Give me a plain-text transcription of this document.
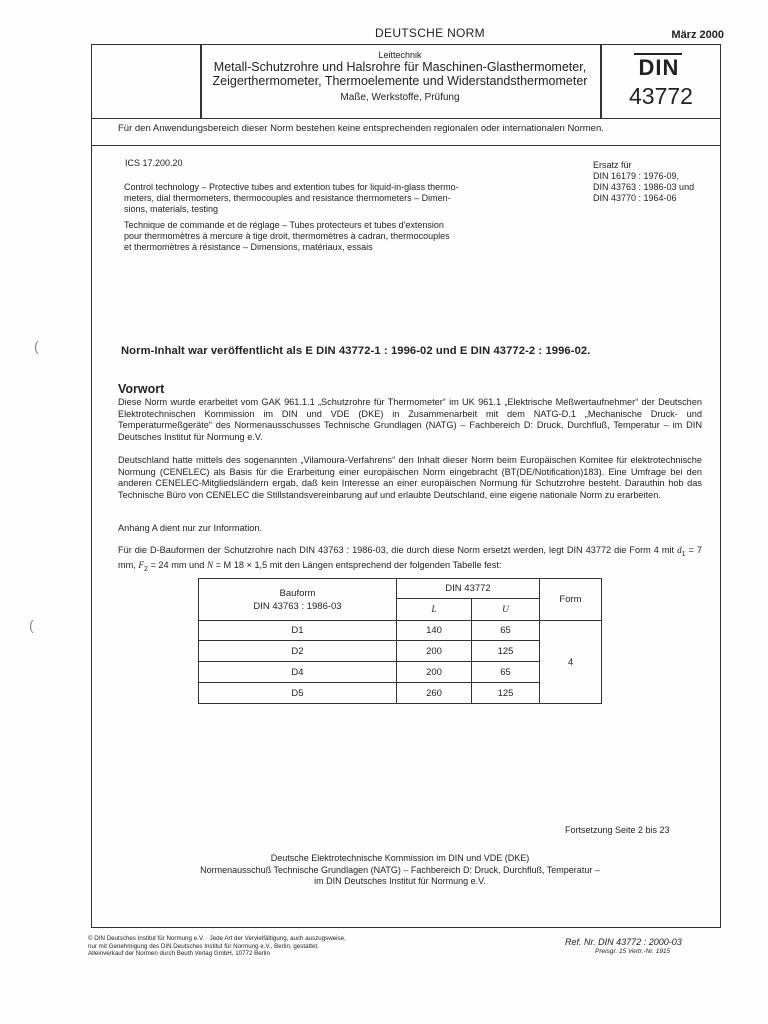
DEUTSCHE NORM	März 2000
Leittechnik
Metall-Schutzrohre und Halsrohre für Maschinen-Glasthermometer,
Zeigerthermometer, Thermoelemente und Widerstandsthermometer
Maße, Werkstoffe, Prüfung
DIN
43772
Für den Anwendungsbereich dieser Norm bestehen keine entsprechenden regionalen oder internationalen Normen.
ICS 17.200.20	Ersatz für
DIN 16179 : 1976-09,
DIN 43763 : 1986-03 und
DIN 43770 : 1964-06
Control technology – Protective tubes and extention tubes for liquid-in-glass thermo-
meters, dial thermometers, thermocouples and resistance thermometers – Dimen-
sions, materials, testing
Technique de commande et de réglage – Tubes protecteurs et tubes d'extension
pour thermomètres à mercure à tige droit, thermomètres à cadran, thermocouples
et thermomètres à résistance – Dimensions, matériaux, essais
(
(
Norm-Inhalt war veröffentlicht als E DIN 43772-1 : 1996-02 und E DIN 43772-2 : 1996-02.
Vorwort
Diese Norm wurde erarbeitet vom GAK 961.1.1 „Schutzrohre für Thermometer“ im UK 961.1 „Elektrische Meßwertaufnehmer“ der Deutschen Elektrotechnischen Kommission im DIN und VDE (DKE) in Zusammenarbeit mit dem NATG-D.1 „Mechanische Druck- und Temperaturmeßgeräte“ des Normenausschusses Technische Grundlagen (NATG) – Fachbereich D: Druck, Durchfluß, Temperatur – im DIN Deutsches Institut für Normung e.V.
Deutschland hatte mittels des sogenannten „Vilamoura-Verfahrens“ den Inhalt dieser Norm beim Europäischen Komitee für elektrotechnische Normung (CENELEC) als Basis für die Erarbeitung einer europäischen Norm eingebracht (BT(DE/Notification)183). Eine Umfrage bei den anderen CENELEC-Mitgliedsländern ergab, daß kein Interesse an einer europäischen Normung für Schutzrohre besteht. Darauthin hob das Technische Büro von CENELEC die Stillstandsvereinbarung auf und erlaubte Deutschland, eine eigene nationale Norm zu erarbeiten.
Anhang A dient nur zur Information.
Für die D-Bauformen der Schutzrohre nach DIN 43763 : 1986-03, die durch diese Norm ersetzt werden, legt DIN 43772 die Form 4 mit $d_1 = 7$ mm, $F_2 = 24$ mm und N = M 18 × 1,5 mit den Längen entsprechend der folgenden Tabelle fest:
Bauform
DIN 43763 : 1986-03	DIN 43772		Form
	L	U	
D1	140	65	4
D2	200	125	
D4	200	65	
D5	260	125	
Fortsetzung Seite 2 bis 23
Deutsche Elektrotechnische Kommission im DIN und VDE (DKE)
Normenausschuß Technische Grundlagen (NATG) – Fachbereich D: Druck, Durchfluß, Temperatur –
im DIN Deutsches Institut für Normung e.V.
© DIN Deutsches Institut für Normung e.V. · Jede Art der Vervielfältigung, auch auszugsweise,
nur mit Genehmigung des DIN Deutsches Institut für Normung e.V., Berlin, gestattet.
Alleinverkauf der Normen durch Beuth Verlag GmbH, 10772 Berlin
Ref. Nr. DIN 43772 : 2000-03
Preisgr. 15 Vertr.-Nr. 1915
